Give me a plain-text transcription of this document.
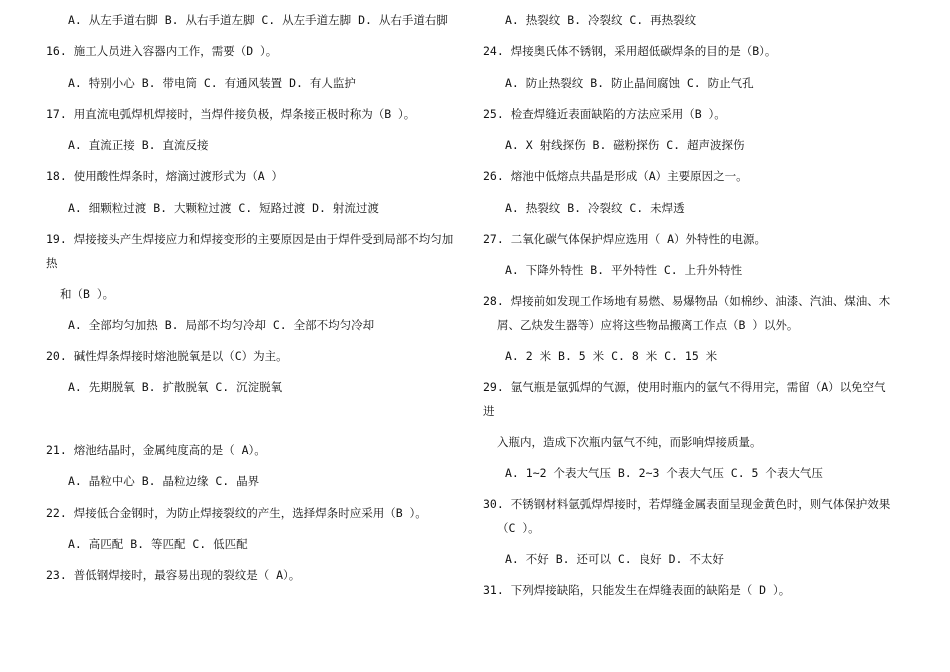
A. 从左手道右脚 B. 从右手道左脚 C. 从左手道左脚 D. 从右手道右脚
16. 施工人员进入容器内工作，需要（D ）。
A. 特别小心 B. 带电筒 C. 有通风装置 D. 有人监护
17. 用直流电弧焊机焊接时，当焊件接负极，焊条接正极时称为（B ）。
A. 直流正接 B. 直流反接
18. 使用酸性焊条时，熔滴过渡形式为（A ）
A. 细颗粒过渡 B. 大颗粒过渡 C. 短路过渡 D. 射流过渡
19. 焊接接头产生焊接应力和焊接变形的主要原因是由于焊件受到局部不均匀加
热
和（B ）。
A. 全部均匀加热 B. 局部不均匀冷却 C. 全部不均匀冷却
20. 碱性焊条焊接时熔池脱氧是以（C）为主。
A. 先期脱氧 B. 扩散脱氧 C. 沉淀脱氧
21. 熔池结晶时，金属纯度高的是（ A）。
A. 晶粒中心 B. 晶粒边缘 C. 晶界
22. 焊接低合金钢时，为防止焊接裂纹的产生，选择焊条时应采用（B ）。
A. 高匹配 B. 等匹配 C. 低匹配
23. 普低钢焊接时，最容易出现的裂纹是（ A）。
A. 热裂纹 B. 冷裂纹 C. 再热裂纹
24. 焊接奥氏体不锈钢，采用超低碳焊条的目的是（B）。
A. 防止热裂纹 B. 防止晶间腐蚀 C. 防止气孔
25. 检查焊缝近表面缺陷的方法应采用（B ）。
A. X 射线探伤 B. 磁粉探伤 C. 超声波探伤
26. 熔池中低熔点共晶是形成（A）主要原因之一。
A. 热裂纹 B. 冷裂纹 C. 未焊透
27. 二氧化碳气体保护焊应选用（ A）外特性的电源。
A. 下降外特性 B. 平外特性 C. 上升外特性
28. 焊接前如发现工作场地有易燃、易爆物品（如棉纱、油漆、汽油、煤油、木
屑、乙炔发生器等）应将这些物品搬离工作点（B ）以外。
A. 2 米 B. 5 米 C. 8 米 C. 15 米
29. 氩气瓶是氩弧焊的气源，使用时瓶内的氩气不得用完，需留（A）以免空气
进
入瓶内，造成下次瓶内氩气不纯，而影响焊接质量。
A. 1~2 个表大气压 B. 2~3 个表大气压 C. 5 个表大气压
30. 不锈钢材料氩弧焊焊接时，若焊缝金属表面呈现金黄色时，则气体保护效果
（C ）。
A. 不好 B. 还可以 C. 良好 D. 不太好
31. 下列焊接缺陷，只能发生在焊缝表面的缺陷是（ D ）。
